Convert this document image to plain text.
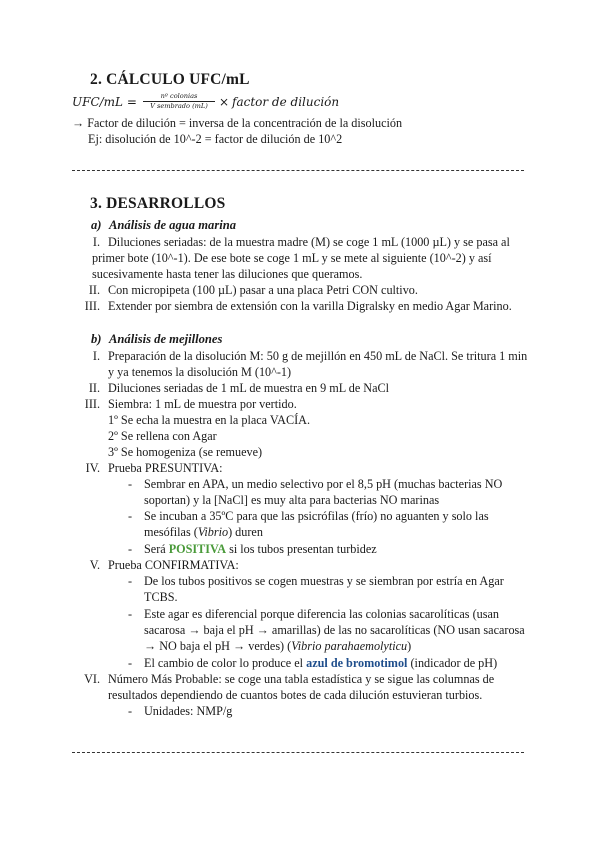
2. CÁLCULO UFC/mL
UFC/mL =	nº colonias
V sembrado (mL) × factor de dilución
→ Factor de dilución = inversa de la concentración de la disolución
Ej: disolución de 10^-2 = factor de dilución de 10^2
3. DESARROLLOS
a) Análisis de agua marina
I. Diluciones seriadas: de la muestra madre (M) se coge 1 mL (1000 µL) y se pasa al
primer bote (10^-1). De ese bote se coge 1 mL y se mete al siguiente (10^-2) y así
sucesivamente hasta tener las diluciones que queramos.
II. Con micropipeta (100 µL) pasar a una placa Petri CON cultivo.
III. Extender por siembra de extensión con la varilla Digralsky en medio Agar Marino.
b) Análisis de mejillones
I. Preparación de la disolución M: 50 g de mejillón en 450 mL de NaCl. Se tritura 1 min
y ya tenemos la disolución M (10^-1)
II. Diluciones seriadas de 1 mL de muestra en 9 mL de NaCl
III. Siembra: 1 mL de muestra por vertido.
1º Se echa la muestra en la placa VACÍA.
2º Se rellena con Agar
3º Se homogeniza (se remueve)
IV. Prueba PRESUNTIVA:
- Sembrar en APA, un medio selectivo por el 8,5 pH (muchas bacterias NO
soportan) y la [NaCl] es muy alta para bacterias NO marinas
- Se incuban a 35ºC para que las psicrófilas (frío) no aguanten y solo las
mesófilas (Vibrio) duren
- Será POSITIVA si los tubos presentan turbidez
V. Prueba CONFIRMATIVA:
- De los tubos positivos se cogen muestras y se siembran por estría en Agar
TCBS.
- Este agar es diferencial porque diferencia las colonias sacarolíticas (usan
sacarosa → baja el pH → amarillas) de las no sacarolíticas (NO usan sacarosa
→ NO baja el pH → verdes) (Vibrio parahaemolyticu)
- El cambio de color lo produce el azul de bromotimol (indicador de pH)
VI. Número Más Probable: se coge una tabla estadística y se sigue las columnas de
resultados dependiendo de cuantos botes de cada dilución estuvieran turbios.
- Unidades: NMP/g
